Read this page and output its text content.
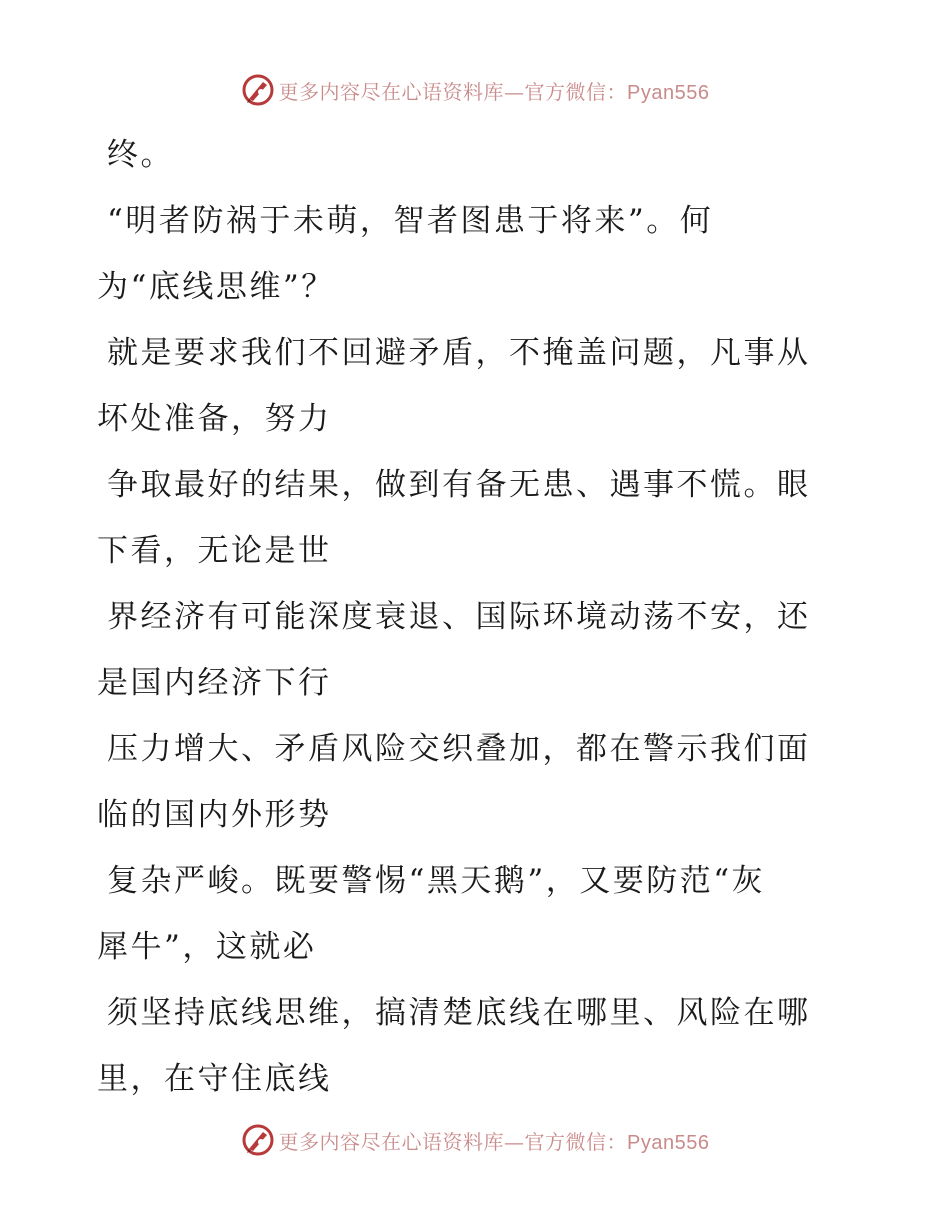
更多内容尽在心语资料库—官方微信：Pyan556
终。
“明者防祸于未萌，智者图患于将来”。何
为“底线思维”？
就是要求我们不回避矛盾，不掩盖问题，凡事从
坏处准备，努力
争取最好的结果，做到有备无患、遇事不慌。眼
下看，无论是世
界经济有可能深度衰退、国际环境动荡不安，还
是国内经济下行
压力增大、矛盾风险交织叠加，都在警示我们面
临的国内外形势
复杂严峻。既要警惕“黑天鹅”，又要防范“灰
犀牛”，这就必
须坚持底线思维，搞清楚底线在哪里、风险在哪
里，在守住底线
更多内容尽在心语资料库—官方微信：Pyan556
